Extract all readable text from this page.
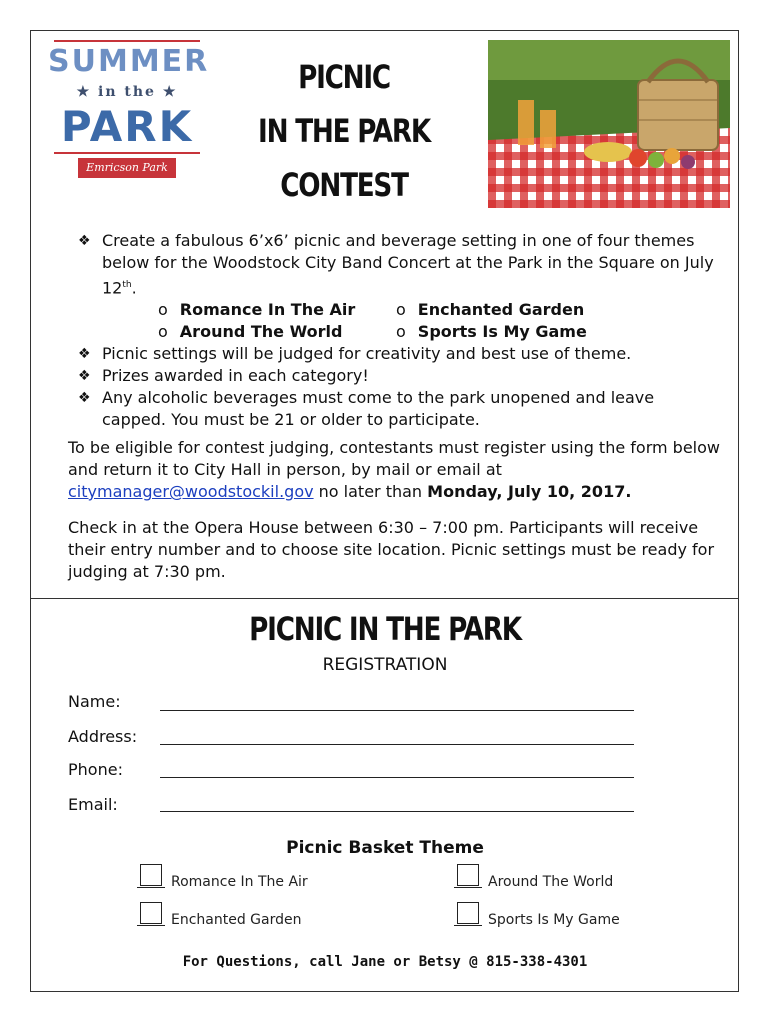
SUMMER
★ in the ★
PARK
Emricson Park
PICNIC
IN THE PARK
CONTEST

❖ Create a fabulous 6’x6’ picnic and beverage setting in one of four themes below for the Woodstock City Band Concert at the Park in the Square on July 12th.

o Romance In The Air	o Enchanted Garden
o Around The World	o Sports Is My Game

❖ Picnic settings will be judged for creativity and best use of theme.

❖ Prizes awarded in each category!

❖ Any alcoholic beverages must come to the park unopened and leave capped. You must be 21 or older to participate.

To be eligible for contest judging, contestants must register using the form below and return it to City Hall in person, by mail or email at citymanager@woodstockil.gov no later than Monday, July 10, 2017.

Check in at the Opera House between 6:30 – 7:00 pm. Participants will receive their entry number and to choose site location. Picnic settings must be ready for judging at 7:30 pm.

PICNIC IN THE PARK
REGISTRATION
Name:
Address:
Phone:
Email:
Picnic Basket Theme
Romance In The Air	Around The World
Enchanted Garden	Sports Is My Game
For Questions, call Jane or Betsy @ 815-338-4301
